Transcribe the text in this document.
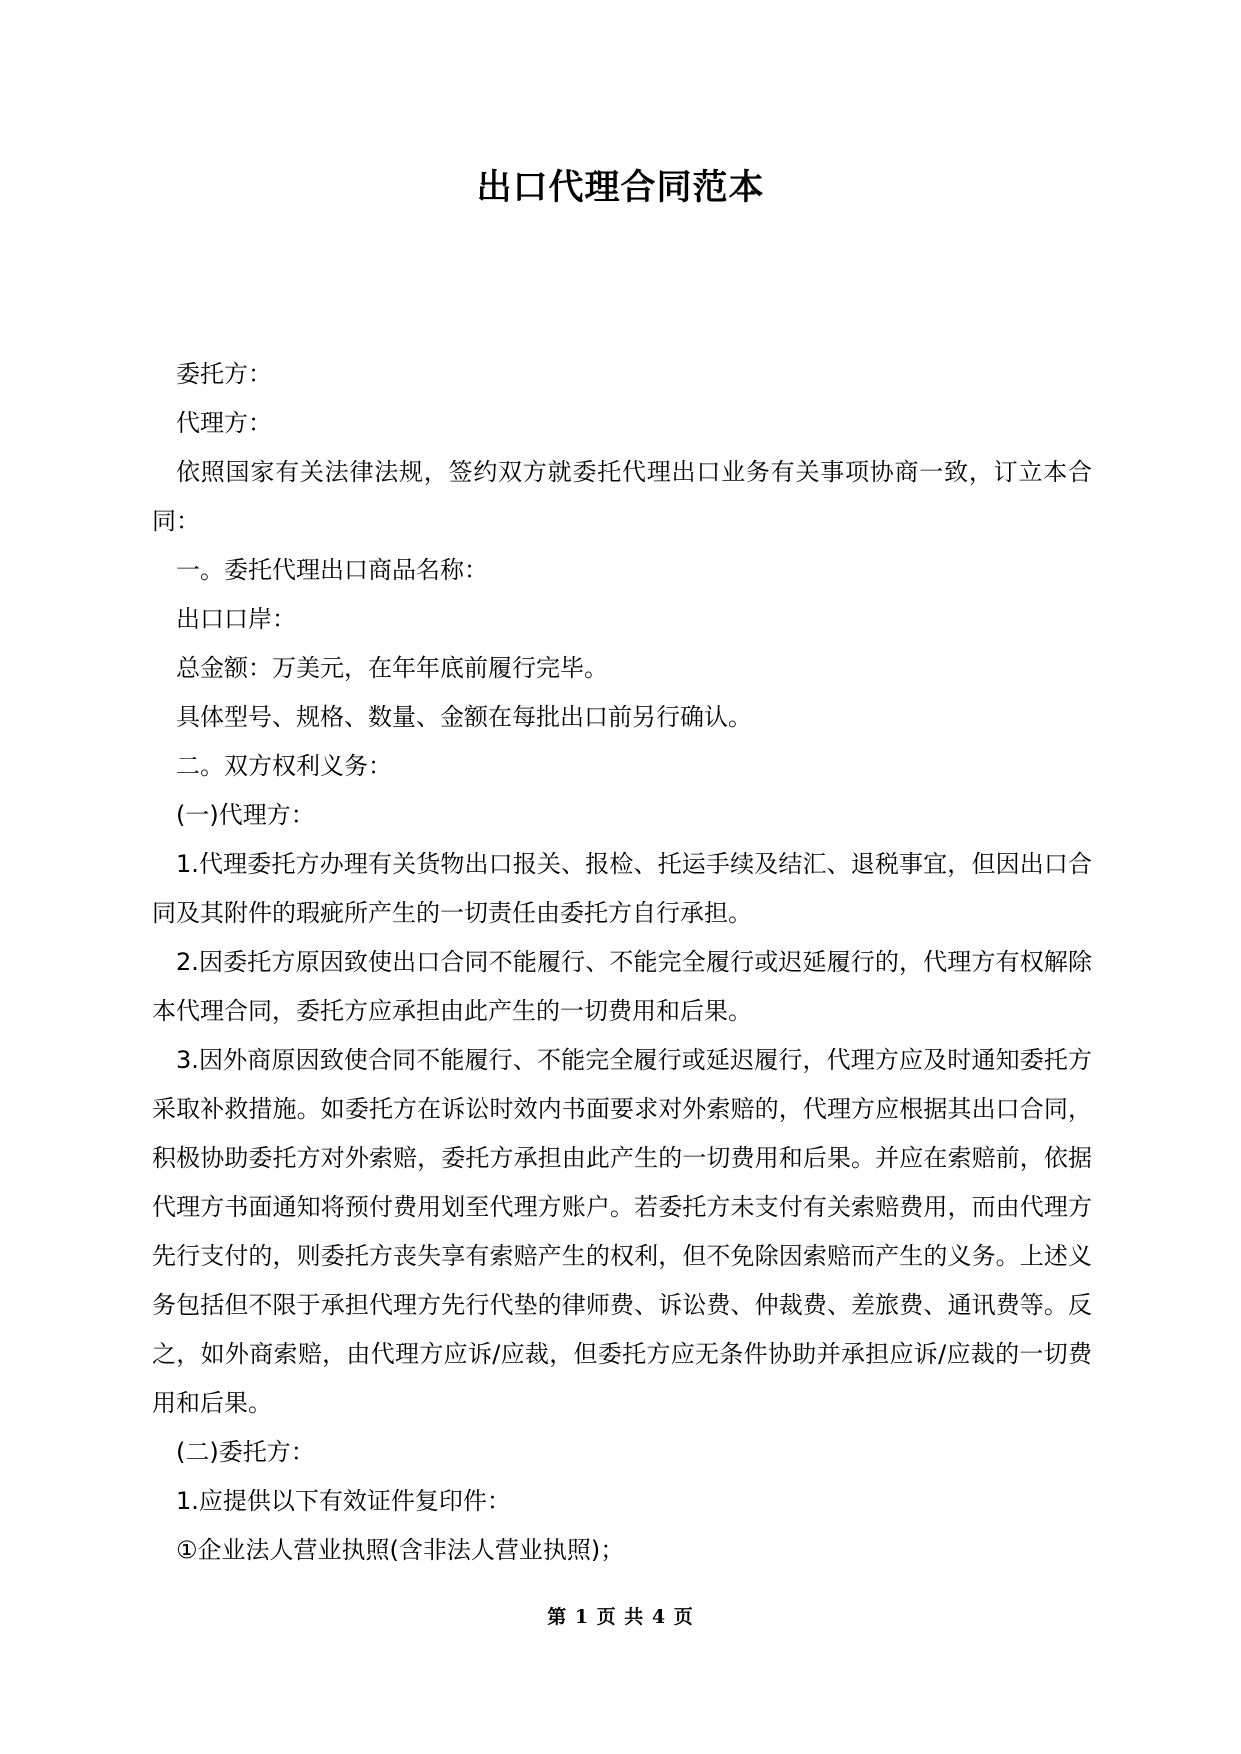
出口代理合同范本

委托方：

代理方：

依照国家有关法律法规，签约双方就委托代理出口业务有关事项协商一致，订立本合同：

一。委托代理出口商品名称：

出口口岸：

总金额：万美元，在年年底前履行完毕。

具体型号、规格、数量、金额在每批出口前另行确认。

二。双方权利义务：

(一)代理方：

1.代理委托方办理有关货物出口报关、报检、托运手续及结汇、退税事宜，但因出口合同及其附件的瑕疵所产生的一切责任由委托方自行承担。

2.因委托方原因致使出口合同不能履行、不能完全履行或迟延履行的，代理方有权解除本代理合同，委托方应承担由此产生的一切费用和后果。

3.因外商原因致使合同不能履行、不能完全履行或延迟履行，代理方应及时通知委托方采取补救措施。如委托方在诉讼时效内书面要求对外索赔的，代理方应根据其出口合同，积极协助委托方对外索赔，委托方承担由此产生的一切费用和后果。并应在索赔前，依据代理方书面通知将预付费用划至代理方账户。若委托方未支付有关索赔费用，而由代理方先行支付的，则委托方丧失享有索赔产生的权利，但不免除因索赔而产生的义务。上述义务包括但不限于承担代理方先行代垫的律师费、诉讼费、仲裁费、差旅费、通讯费等。反之，如外商索赔，由代理方应诉/应裁，但委托方应无条件协助并承担应诉/应裁的一切费用和后果。

(二)委托方：

1.应提供以下有效证件复印件：

①企业法人营业执照(含非法人营业执照)；

第 1 页 共 4 页
